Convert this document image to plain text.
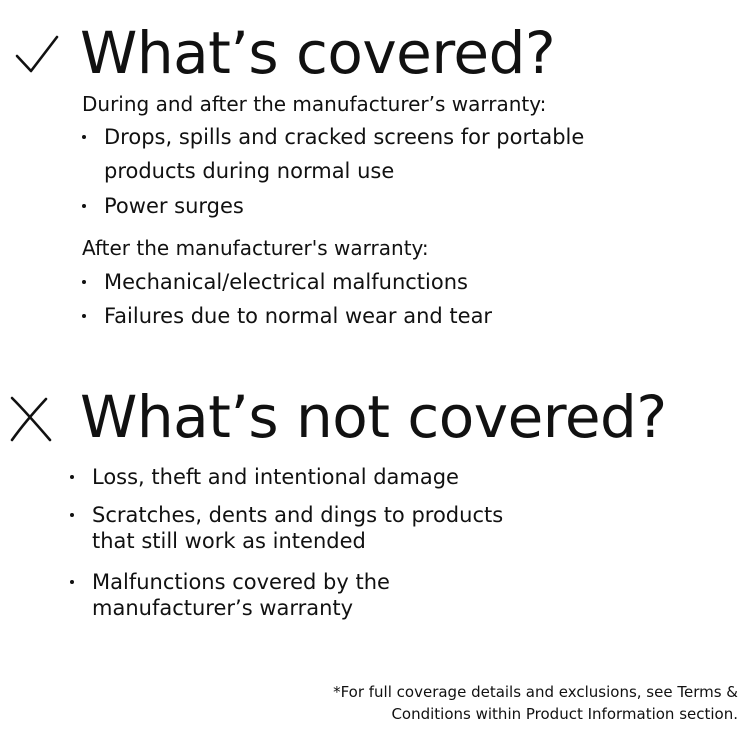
What’s covered?
During and after the manufacturer’s warranty:
Drops, spills and cracked screens for portable
products during normal use
Power surges
After the manufacturer's warranty:
Mechanical/electrical malfunctions
Failures due to normal wear and tear
What’s not covered?
Loss, theft and intentional damage
Scratches, dents and dings to products
that still work as intended
Malfunctions covered by the
manufacturer’s warranty
*For full coverage details and exclusions, see Terms &
Conditions within Product Information section.
